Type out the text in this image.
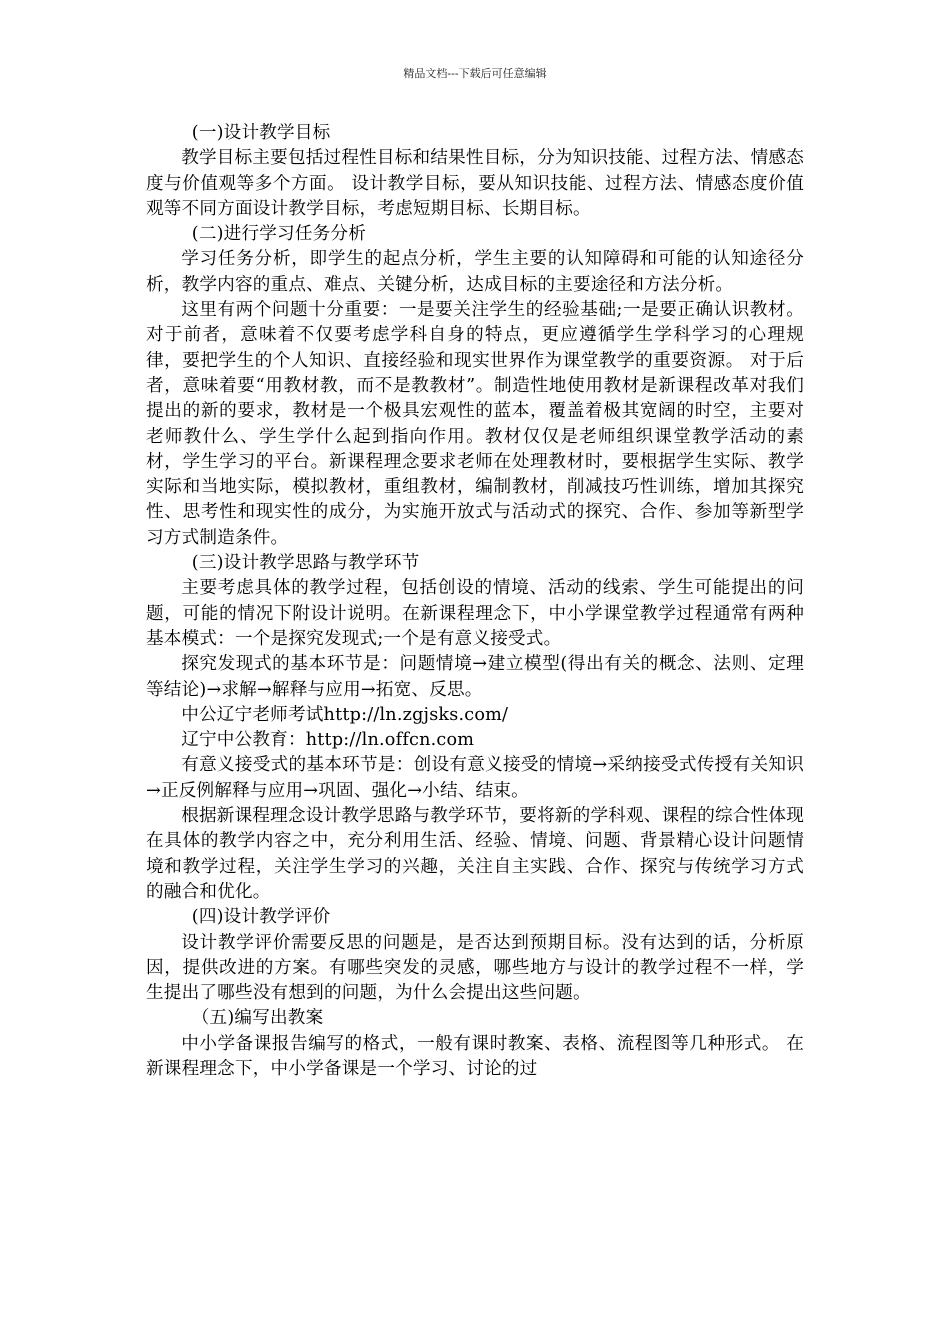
精品文档---下载后可任意编辑

(一)设计教学目标

教学目标主要包括过程性目标和结果性目标，分为知识技能、过程方法、情感态度与价值观等多个方面。 设计教学目标，要从知识技能、过程方法、情感态度价值观等不同方面设计教学目标，考虑短期目标、长期目标。

(二)进行学习任务分析

学习任务分析，即学生的起点分析，学生主要的认知障碍和可能的认知途径分析，教学内容的重点、难点、关键分析，达成目标的主要途径和方法分析。

这里有两个问题十分重要：一是要关注学生的经验基础;一是要正确认识教材。对于前者，意味着不仅要考虑学科自身的特点，更应遵循学生学科学习的心理规律，要把学生的个人知识、直接经验和现实世界作为课堂教学的重要资源。 对于后者，意味着要“用教材教，而不是教教材”。制造性地使用教材是新课程改革对我们提出的新的要求，教材是一个极具宏观性的蓝本，覆盖着极其宽阔的时空，主要对老师教什么、学生学什么起到指向作用。教材仅仅是老师组织课堂教学活动的素材，学生学习的平台。新课程理念要求老师在处理教材时，要根据学生实际、教学实际和当地实际，模拟教材，重组教材，编制教材，削减技巧性训练，增加其探究性、思考性和现实性的成分，为实施开放式与活动式的探究、合作、参加等新型学习方式制造条件。

(三)设计教学思路与教学环节

主要考虑具体的教学过程，包括创设的情境、活动的线索、学生可能提出的问题，可能的情况下附设计说明。在新课程理念下，中小学课堂教学过程通常有两种基本模式：一个是探究发现式;一个是有意义接受式。

探究发现式的基本环节是：问题情境→建立模型(得出有关的概念、法则、定理等结论)→求解→解释与应用→拓宽、反思。

中公辽宁老师考试http://ln.zgjsks.com/

辽宁中公教育：http://ln.offcn.com

有意义接受式的基本环节是：创设有意义接受的情境→采纳接受式传授有关知识→正反例解释与应用→巩固、强化→小结、结束。

根据新课程理念设计教学思路与教学环节，要将新的学科观、课程的综合性体现在具体的教学内容之中，充分利用生活、经验、情境、问题、背景精心设计问题情境和教学过程，关注学生学习的兴趣，关注自主实践、合作、探究与传统学习方式的融合和优化。

(四)设计教学评价

设计教学评价需要反思的问题是，是否达到预期目标。没有达到的话，分析原因，提供改进的方案。有哪些突发的灵感，哪些地方与设计的教学过程不一样，学生提出了哪些没有想到的问题，为什么会提出这些问题。

（五)编写出教案

中小学备课报告编写的格式，一般有课时教案、表格、流程图等几种形式。 在新课程理念下，中小学备课是一个学习、讨论的过
